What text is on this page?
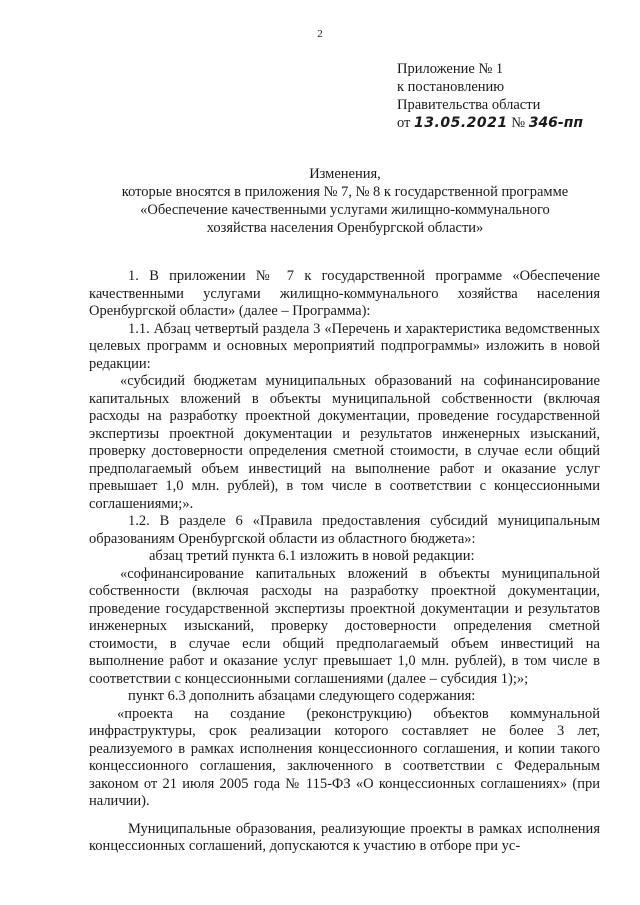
2
Приложение № 1
к постановлению
Правительства области
от 13.05.2021 № 346-пп
Изменения,
которые вносятся в приложения № 7, № 8 к государственной программе
«Обеспечение качественными услугами жилищно-коммунального
хозяйства населения Оренбургской области»

1. В приложении № 7 к государственной программе «Обеспечение качественными услугами жилищно-коммунального хозяйства населения Оренбургской области» (далее – Программа):

1.1. Абзац четвертый раздела 3 «Перечень и характеристика ведомственных целевых программ и основных мероприятий подпрограммы» изложить в новой редакции:

«субсидий бюджетам муниципальных образований на софинансирование капитальных вложений в объекты муниципальной собственности (включая расходы на разработку проектной документации, проведение государственной экспертизы проектной документации и результатов инженерных изысканий, проверку достоверности определения сметной стоимости, в случае если общий предполагаемый объем инвестиций на выполнение работ и оказание услуг превышает 1,0 млн. рублей), в том числе в соответствии с концессионными соглашениями;».

1.2. В разделе 6 «Правила предоставления субсидий муниципальным образованиям Оренбургской области из областного бюджета»:

абзац третий пункта 6.1 изложить в новой редакции:

«софинансирование капитальных вложений в объекты муниципальной собственности (включая расходы на разработку проектной документации, проведение государственной экспертизы проектной документации и результатов инженерных изысканий, проверку достоверности определения сметной стоимости, в случае если общий предполагаемый объем инвестиций на выполнение работ и оказание услуг превышает 1,0 млн. рублей), в том числе в соответствии с концессионными соглашениями (далее – субсидия 1);»;

пункт 6.3 дополнить абзацами следующего содержания:

«проекта на создание (реконструкцию) объектов коммунальной инфраструктуры, срок реализации которого составляет не более 3 лет, реализуемого в рамках исполнения концессионного соглашения, и копии такого концессионного соглашения, заключенного в соответствии с Федеральным законом от 21 июля 2005 года № 115-ФЗ «О концессионных соглашениях» (при наличии).

Муниципальные образования, реализующие проекты в рамках исполнения концессионных соглашений, допускаются к участию в отборе при ус-
